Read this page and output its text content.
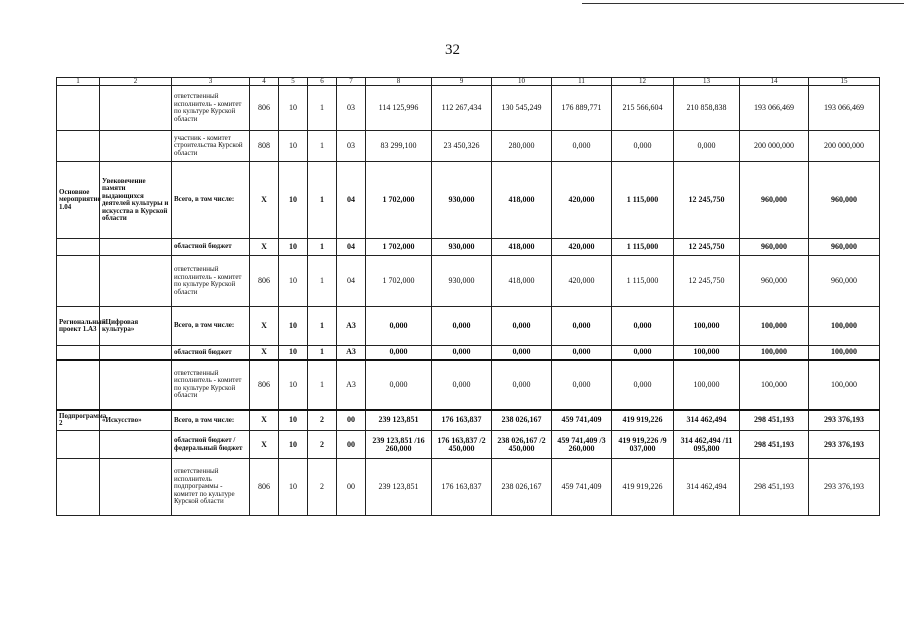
32
1	2	3	4	5	6	7	8	9	10	11	12	13	14	15
		ответственный исполнитель - комитет по культуре Курской области	806	10	1	03	114 125,996	112 267,434	130 545,249	176 889,771	215 566,604	210 858,838	193 066,469	193 066,469
		участник - комитет строительства Курской области	808	10	1	03	83 299,100	23 450,326	280,000	0,000	0,000	0,000	200 000,000	200 000,000
Основное мероприятие 1.04	Увековечение памяти выдающихся деятелей культуры и искусства в Курской области	Всего, в том числе:	Х	10	1	04	1 702,000	930,000	418,000	420,000	1 115,000	12 245,750	960,000	960,000
		областной бюджет	Х	10	1	04	1 702,000	930,000	418,000	420,000	1 115,000	12 245,750	960,000	960,000
		ответственный исполнитель - комитет по культуре Курской области	806	10	1	04	1 702,000	930,000	418,000	420,000	1 115,000	12 245,750	960,000	960,000
Региональный проект 1.А3	«Цифровая культура»	Всего, в том числе:	Х	10	1	А3	0,000	0,000	0,000	0,000	0,000	100,000	100,000	100,000
		областной бюджет	Х	10	1	А3	0,000	0,000	0,000	0,000	0,000	100,000	100,000	100,000
		ответственный исполнитель - комитет по культуре Курской области	806	10	1	А3	0,000	0,000	0,000	0,000	0,000	100,000	100,000	100,000
Подпрограмма 2	«Искусство»	Всего, в том числе:	Х	10	2	00	239 123,851	176 163,837	238 026,167	459 741,409	419 919,226	314 462,494	298 451,193	293 376,193
		областной бюджет /федеральный бюджет	Х	10	2	00	239 123,851 /16 260,000	176 163,837 /2 450,000	238 026,167 /2 450,000	459 741,409 /3 260,000	419 919,226 /9 037,000	314 462,494 /11 095,800	298 451,193	293 376,193
		ответственный исполнитель подпрограммы - комитет по культуре Курской области	806	10	2	00	239 123,851	176 163,837	238 026,167	459 741,409	419 919,226	314 462,494	298 451,193	293 376,193
